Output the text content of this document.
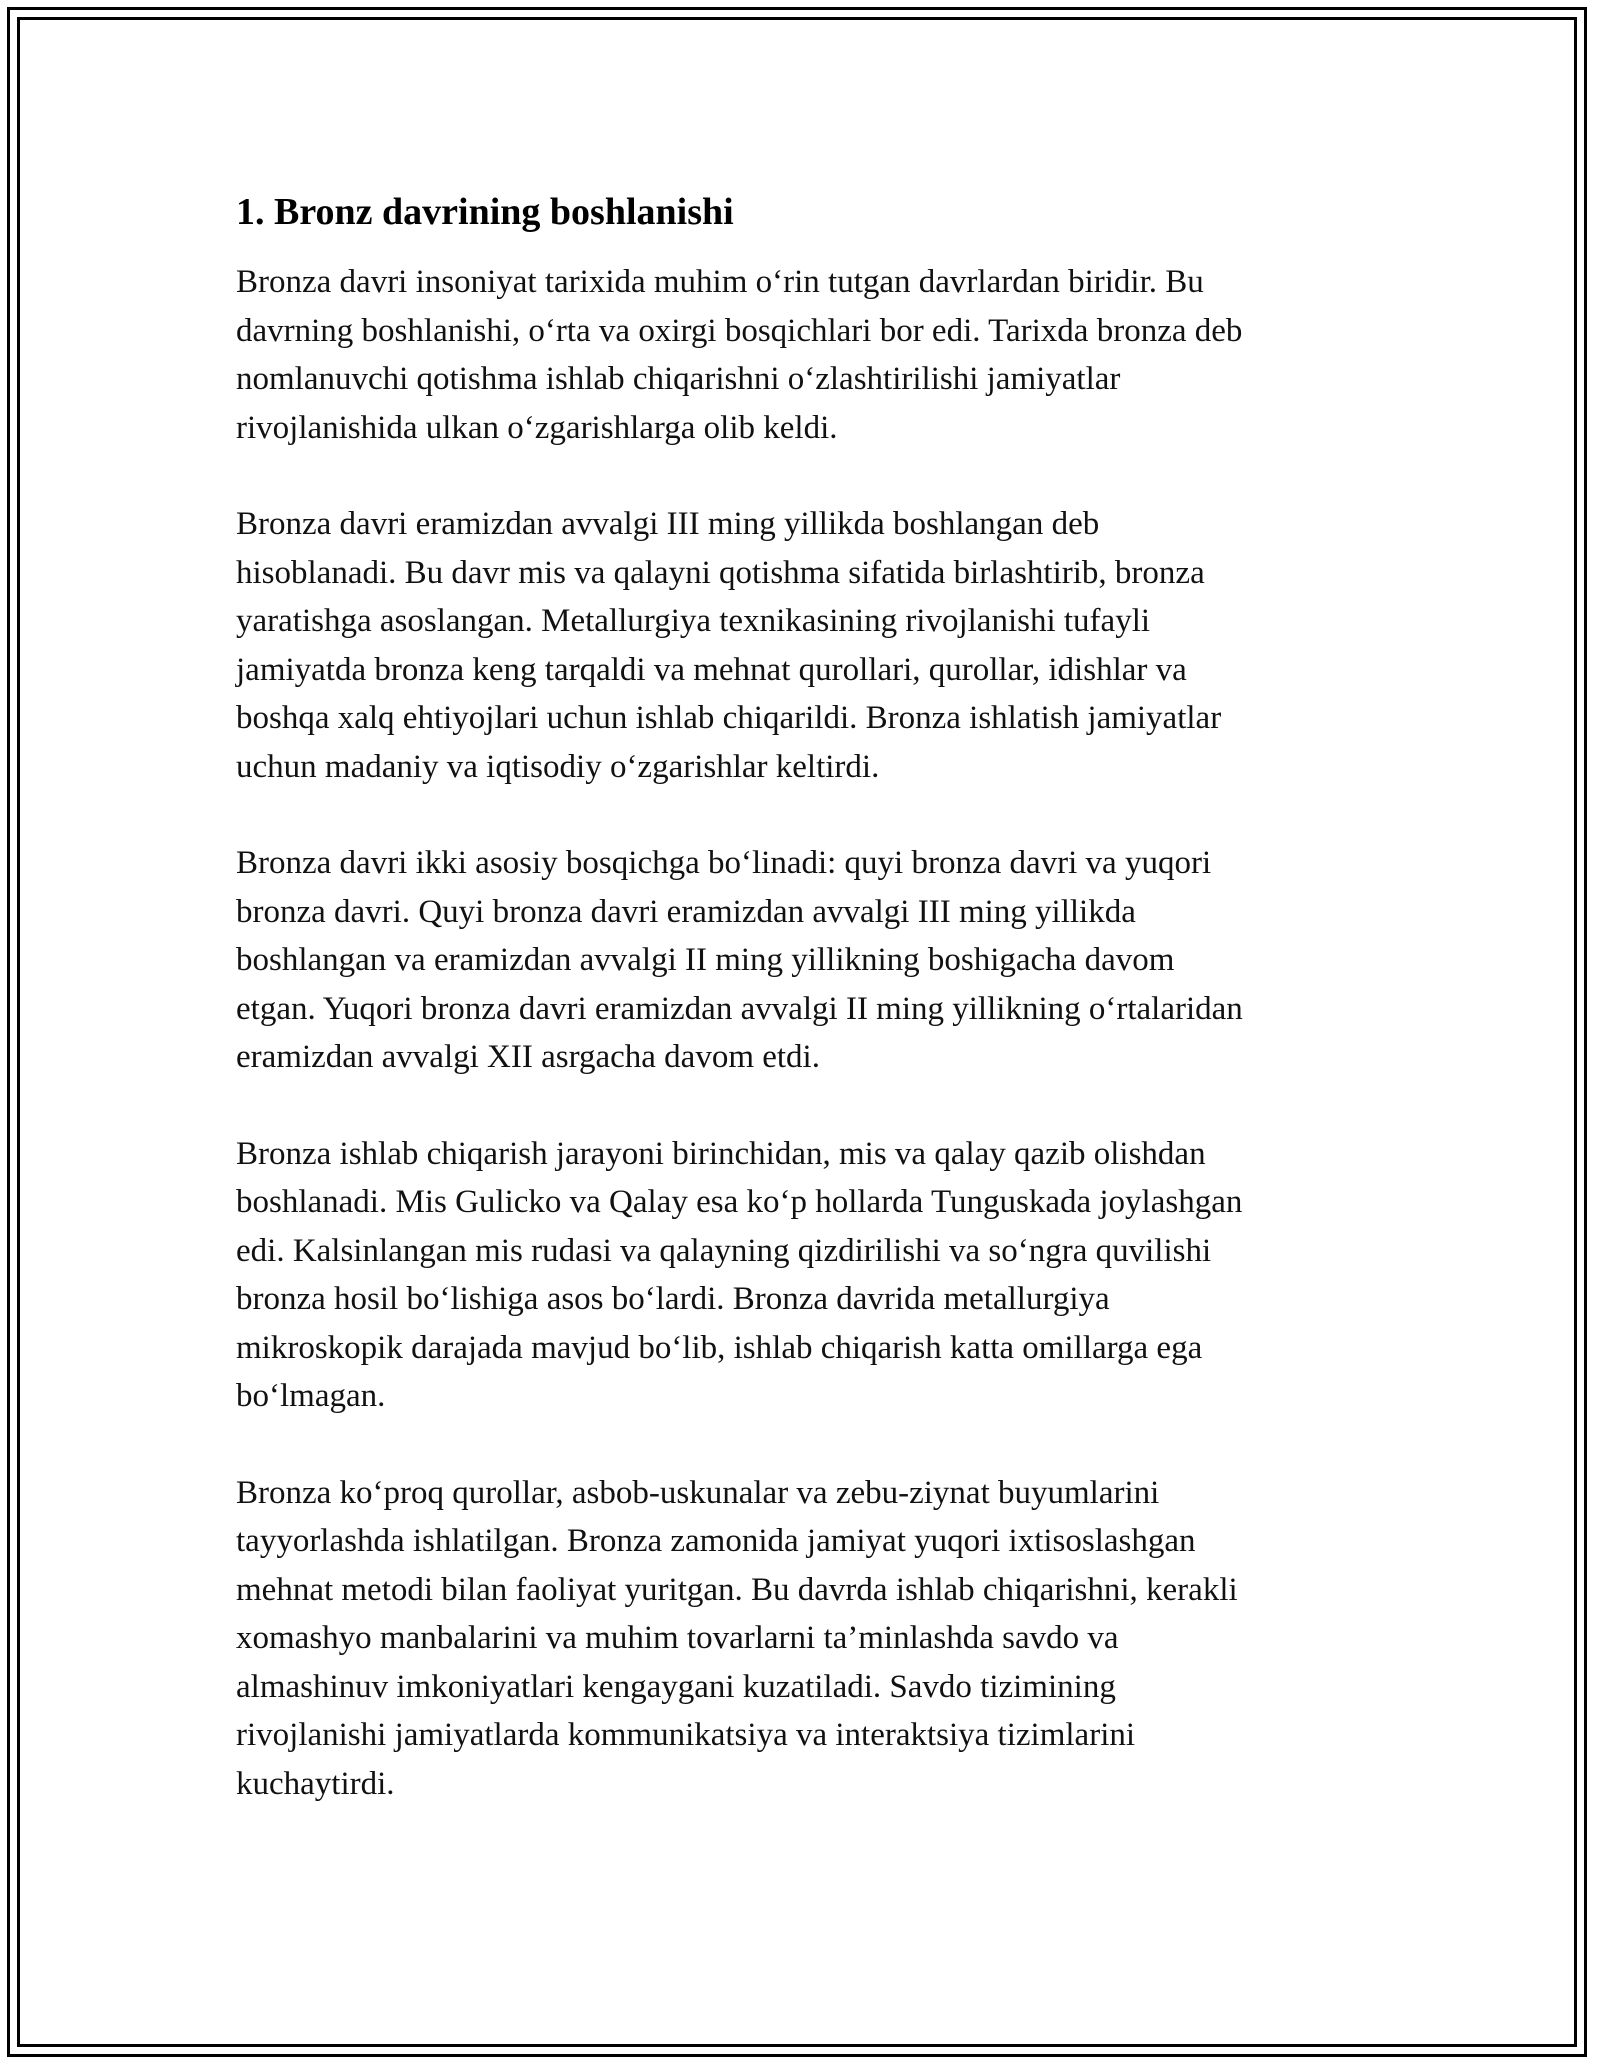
1. Bronz davrining boshlanishi

Bronza davri insoniyat tarixida muhim o‘rin tutgan davrlardan biridir. Bu
davrning boshlanishi, o‘rta va oxirgi bosqichlari bor edi. Tarixda bronza deb
nomlanuvchi qotishma ishlab chiqarishni o‘zlashtirilishi jamiyatlar
rivojlanishida ulkan o‘zgarishlarga olib keldi.

Bronza davri eramizdan avvalgi III ming yillikda boshlangan deb
hisoblanadi. Bu davr mis va qalayni qotishma sifatida birlashtirib, bronza
yaratishga asoslangan. Metallurgiya texnikasining rivojlanishi tufayli
jamiyatda bronza keng tarqaldi va mehnat qurollari, qurollar, idishlar va
boshqa xalq ehtiyojlari uchun ishlab chiqarildi. Bronza ishlatish jamiyatlar
uchun madaniy va iqtisodiy o‘zgarishlar keltirdi.

Bronza davri ikki asosiy bosqichga bo‘linadi: quyi bronza davri va yuqori
bronza davri. Quyi bronza davri eramizdan avvalgi III ming yillikda
boshlangan va eramizdan avvalgi II ming yillikning boshigacha davom
etgan. Yuqori bronza davri eramizdan avvalgi II ming yillikning o‘rtalaridan
eramizdan avvalgi XII asrgacha davom etdi.

Bronza ishlab chiqarish jarayoni birinchidan, mis va qalay qazib olishdan
boshlanadi. Mis Gulicko va Qalay esa ko‘p hollarda Tunguskada joylashgan
edi. Kalsinlangan mis rudasi va qalayning qizdirilishi va so‘ngra quvilishi
bronza hosil bo‘lishiga asos bo‘lardi. Bronza davrida metallurgiya
mikroskopik darajada mavjud bo‘lib, ishlab chiqarish katta omillarga ega
bo‘lmagan.

Bronza ko‘proq qurollar, asbob-uskunalar va zebu-ziynat buyumlarini
tayyorlashda ishlatilgan. Bronza zamonida jamiyat yuqori ixtisoslashgan
mehnat metodi bilan faoliyat yuritgan. Bu davrda ishlab chiqarishni, kerakli
xomashyo manbalarini va muhim tovarlarni ta’minlashda savdo va
almashinuv imkoniyatlari kengaygani kuzatiladi. Savdo tizimining
rivojlanishi jamiyatlarda kommunikatsiya va interaktsiya tizimlarini
kuchaytirdi.
